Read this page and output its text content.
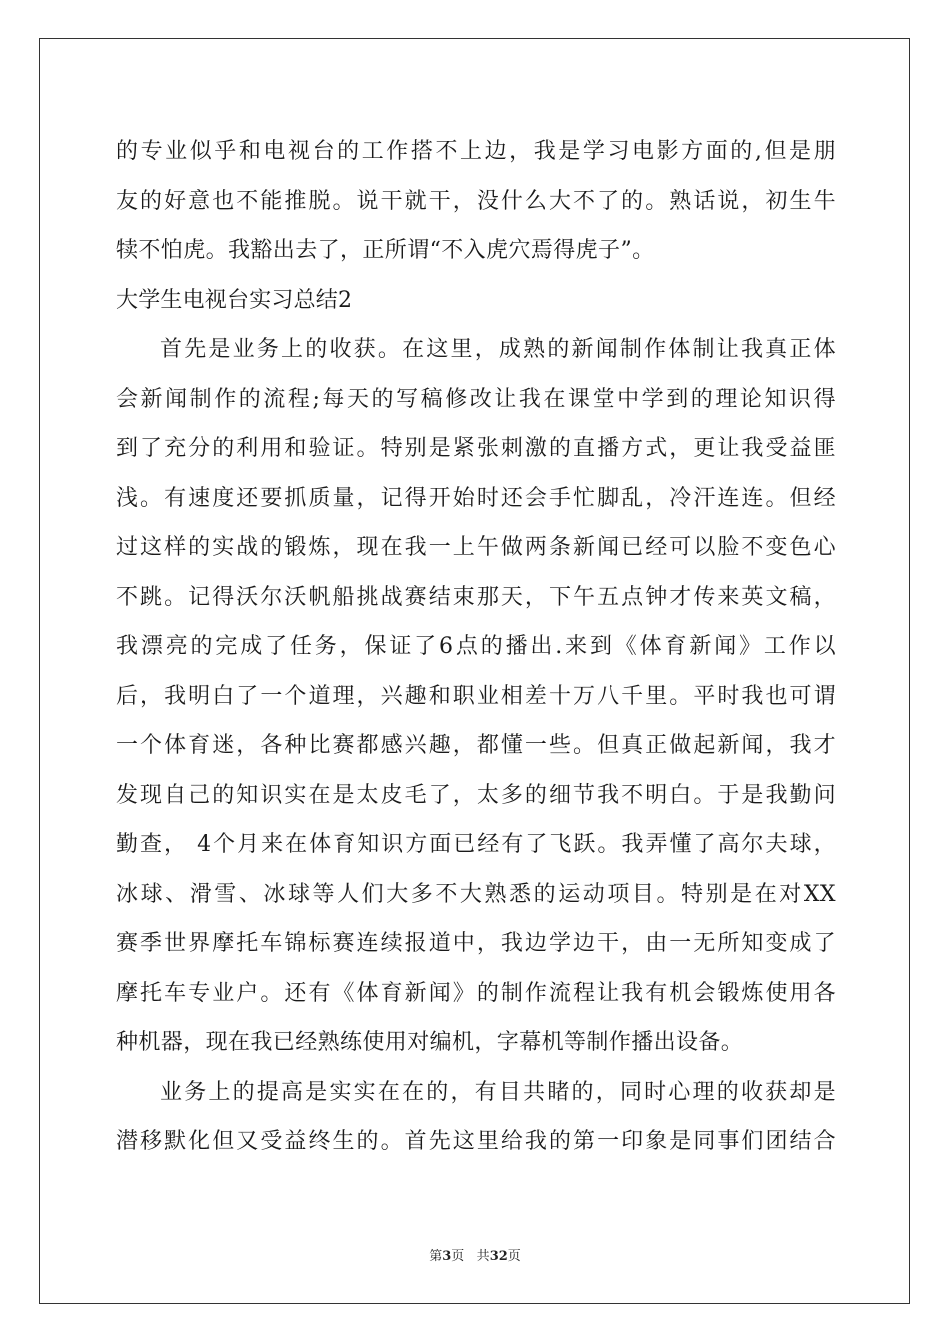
的专业似乎和电视台的工作搭不上边，我是学习电影方面的,但是朋
友的好意也不能推脱。说干就干，没什么大不了的。熟话说，初生牛
犊不怕虎。我豁出去了，正所谓“不入虎穴焉得虎子”。
大学生电视台实习总结2
首先是业务上的收获。在这里，成熟的新闻制作体制让我真正体
会新闻制作的流程;每天的写稿修改让我在课堂中学到的理论知识得
到了充分的利用和验证。特别是紧张刺激的直播方式，更让我受益匪
浅。有速度还要抓质量，记得开始时还会手忙脚乱，冷汗连连。但经
过这样的实战的锻炼，现在我一上午做两条新闻已经可以脸不变色心
不跳。记得沃尔沃帆船挑战赛结束那天，下午五点钟才传来英文稿，
我漂亮的完成了任务，保证了6点的播出.来到《体育新闻》工作以
后，我明白了一个道理，兴趣和职业相差十万八千里。平时我也可谓
一个体育迷，各种比赛都感兴趣，都懂一些。但真正做起新闻，我才
发现自己的知识实在是太皮毛了，太多的细节我不明白。于是我勤问
勤查， 4个月来在体育知识方面已经有了飞跃。我弄懂了高尔夫球，
冰球、滑雪、冰球等人们大多不大熟悉的运动项目。特别是在对XX
赛季世界摩托车锦标赛连续报道中，我边学边干，由一无所知变成了
摩托车专业户。还有《体育新闻》的制作流程让我有机会锻炼使用各
种机器，现在我已经熟练使用对编机，字幕机等制作播出设备。
业务上的提高是实实在在的，有目共睹的，同时心理的收获却是
潜移默化但又受益终生的。首先这里给我的第一印象是同事们团结合
第3页 共32页
